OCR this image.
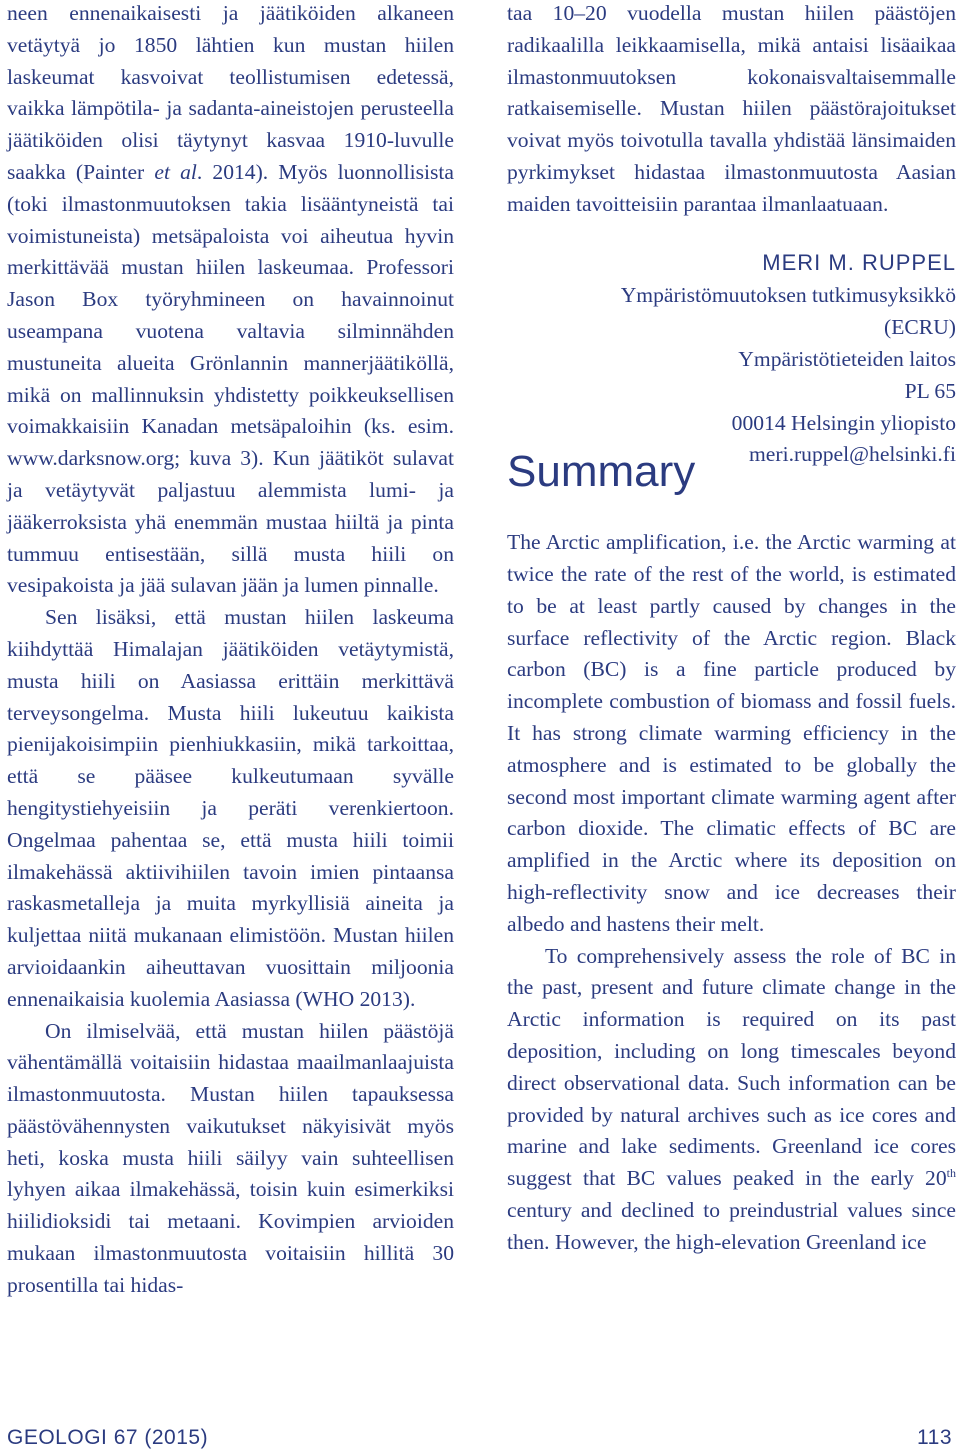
neen ennenaikaisesti ja jäätiköiden alkaneen vetäytyä jo 1850 lähtien kun mustan hiilen laskeumat kasvoivat teollistumisen edetessä, vaikka lämpötila- ja sadanta-aineistojen perusteella jäätiköiden olisi täytynyt kasvaa 1910-luvulle saakka (Painter et al. 2014). Myös luonnollisista (toki ilmastonmuutoksen takia lisääntyneistä tai voimistuneista) metsäpaloista voi aiheutua hyvin merkittävää mustan hiilen laskeumaa. Professori Jason Box työryhmineen on havainnoinut useampana vuotena valtavia silminnähden mustuneita alueita Grönlannin mannerjäätiköllä, mikä on mallinnuksin yhdistetty poikkeuksellisen voimakkaisiin Kanadan metsäpaloihin (ks. esim. www.darksnow.org; kuva 3). Kun jäätiköt sulavat ja vetäytyvät paljastuu alemmista lumi- ja jääkerroksista yhä enemmän mustaa hiiltä ja pinta tummuu entisestään, sillä musta hiili on vesipakoista ja jää sulavan jään ja lumen pinnalle.

Sen lisäksi, että mustan hiilen laskeuma kiihdyttää Himalajan jäätiköiden vetäytymistä, musta hiili on Aasiassa erittäin merkittävä terveysongelma. Musta hiili lukeutuu kaikista pienijakoisimpiin pienhiukkasiin, mikä tarkoittaa, että se pääsee kulkeutumaan syvälle hengitystiehyeisiin ja peräti verenkiertoon. Ongelmaa pahentaa se, että musta hiili toimii ilmakehässä aktiivihiilen tavoin imien pintaansa raskasmetalleja ja muita myrkyllisiä aineita ja kuljettaa niitä mukanaan elimistöön. Mustan hiilen arvioidaankin aiheuttavan vuosittain miljoonia ennenaikaisia kuolemia Aasiassa (WHO 2013).

On ilmiselvää, että mustan hiilen päästöjä vähentämällä voitaisiin hidastaa maailmanlaajuista ilmastonmuutosta. Mustan hiilen tapauksessa päästövähennysten vaikutukset näkyisivät myös heti, koska musta hiili säilyy vain suhteellisen lyhyen aikaa ilmakehässä, toisin kuin esimerkiksi hiilidioksidi tai metaani. Kovimpien arvioiden mukaan ilmastonmuutosta voitaisiin hillitä 30 prosentilla tai hidas-

taa 10–20 vuodella mustan hiilen päästöjen radikaalilla leikkaamisella, mikä antaisi lisäaikaa ilmastonmuutoksen kokonaisvaltaisemmalle ratkaisemiselle. Mustan hiilen päästörajoitukset voivat myös toivotulla tavalla yhdistää länsimaiden pyrkimykset hidastaa ilmastonmuutosta Aasian maiden tavoitteisiin parantaa ilmanlaatuaan.

MERI M. RUPPEL
Ympäristömuutoksen tutkimusyksikkö
(ECRU)
Ympäristötieteiden laitos
PL 65
00014 Helsingin yliopisto
meri.ruppel@helsinki.fi
Summary

The Arctic amplification, i.e. the Arctic warming at twice the rate of the rest of the world, is estimated to be at least partly caused by changes in the surface reflectivity of the Arctic region. Black carbon (BC) is a fine particle produced by incomplete combustion of biomass and fossil fuels. It has strong climate warming efficiency in the atmosphere and is estimated to be globally the second most important climate warming agent after carbon dioxide. The climatic effects of BC are amplified in the Arctic where its deposition on high-reflectivity snow and ice decreases their albedo and hastens their melt.

To comprehensively assess the role of BC in the past, present and future climate change in the Arctic information is required on its past deposition, including on long timescales beyond direct observational data. Such information can be provided by natural archives such as ice cores and marine and lake sediments. Greenland ice cores suggest that BC values peaked in the early 20th century and declined to preindustrial values since then. However, the high-elevation Greenland ice

GEOLOGI 67 (2015)	113
